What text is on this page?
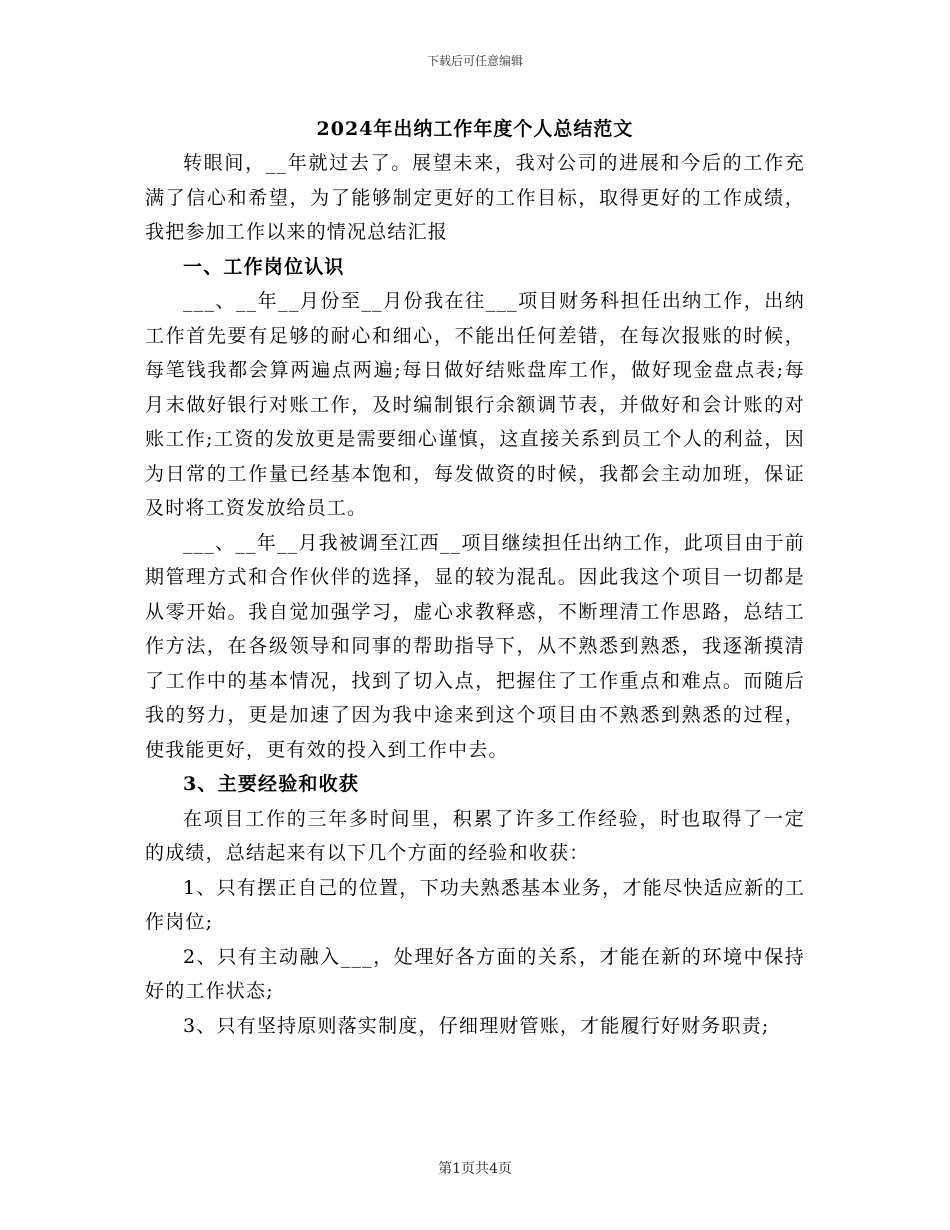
下载后可任意编辑
2024年出纳工作年度个人总结范文

转眼间，__年就过去了。展望未来，我对公司的进展和今后的工作充满了信心和希望，为了能够制定更好的工作目标，取得更好的工作成绩，我把参加工作以来的情况总结汇报

一、工作岗位认识

___、__年__月份至__月份我在往___项目财务科担任出纳工作，出纳工作首先要有足够的耐心和细心，不能出任何差错，在每次报账的时候，每笔钱我都会算两遍点两遍;每日做好结账盘库工作，做好现金盘点表;每月末做好银行对账工作，及时编制银行余额调节表，并做好和会计账的对账工作;工资的发放更是需要细心谨慎，这直接关系到员工个人的利益，因为日常的工作量已经基本饱和，每发做资的时候，我都会主动加班，保证及时将工资发放给员工。

___、__年__月我被调至江西__项目继续担任出纳工作，此项目由于前期管理方式和合作伙伴的选择，显的较为混乱。因此我这个项目一切都是从零开始。我自觉加强学习，虚心求教释惑，不断理清工作思路，总结工作方法，在各级领导和同事的帮助指导下，从不熟悉到熟悉，我逐渐摸清了工作中的基本情况，找到了切入点，把握住了工作重点和难点。而随后我的努力，更是加速了因为我中途来到这个项目由不熟悉到熟悉的过程，使我能更好，更有效的投入到工作中去。

3、主要经验和收获

在项目工作的三年多时间里，积累了许多工作经验，时也取得了一定的成绩，总结起来有以下几个方面的经验和收获：

1、只有摆正自己的位置，下功夫熟悉基本业务，才能尽快适应新的工作岗位;

2、只有主动融入___，处理好各方面的关系，才能在新的环境中保持好的工作状态;

3、只有坚持原则落实制度，仔细理财管账，才能履行好财务职责;

第1页共4页
